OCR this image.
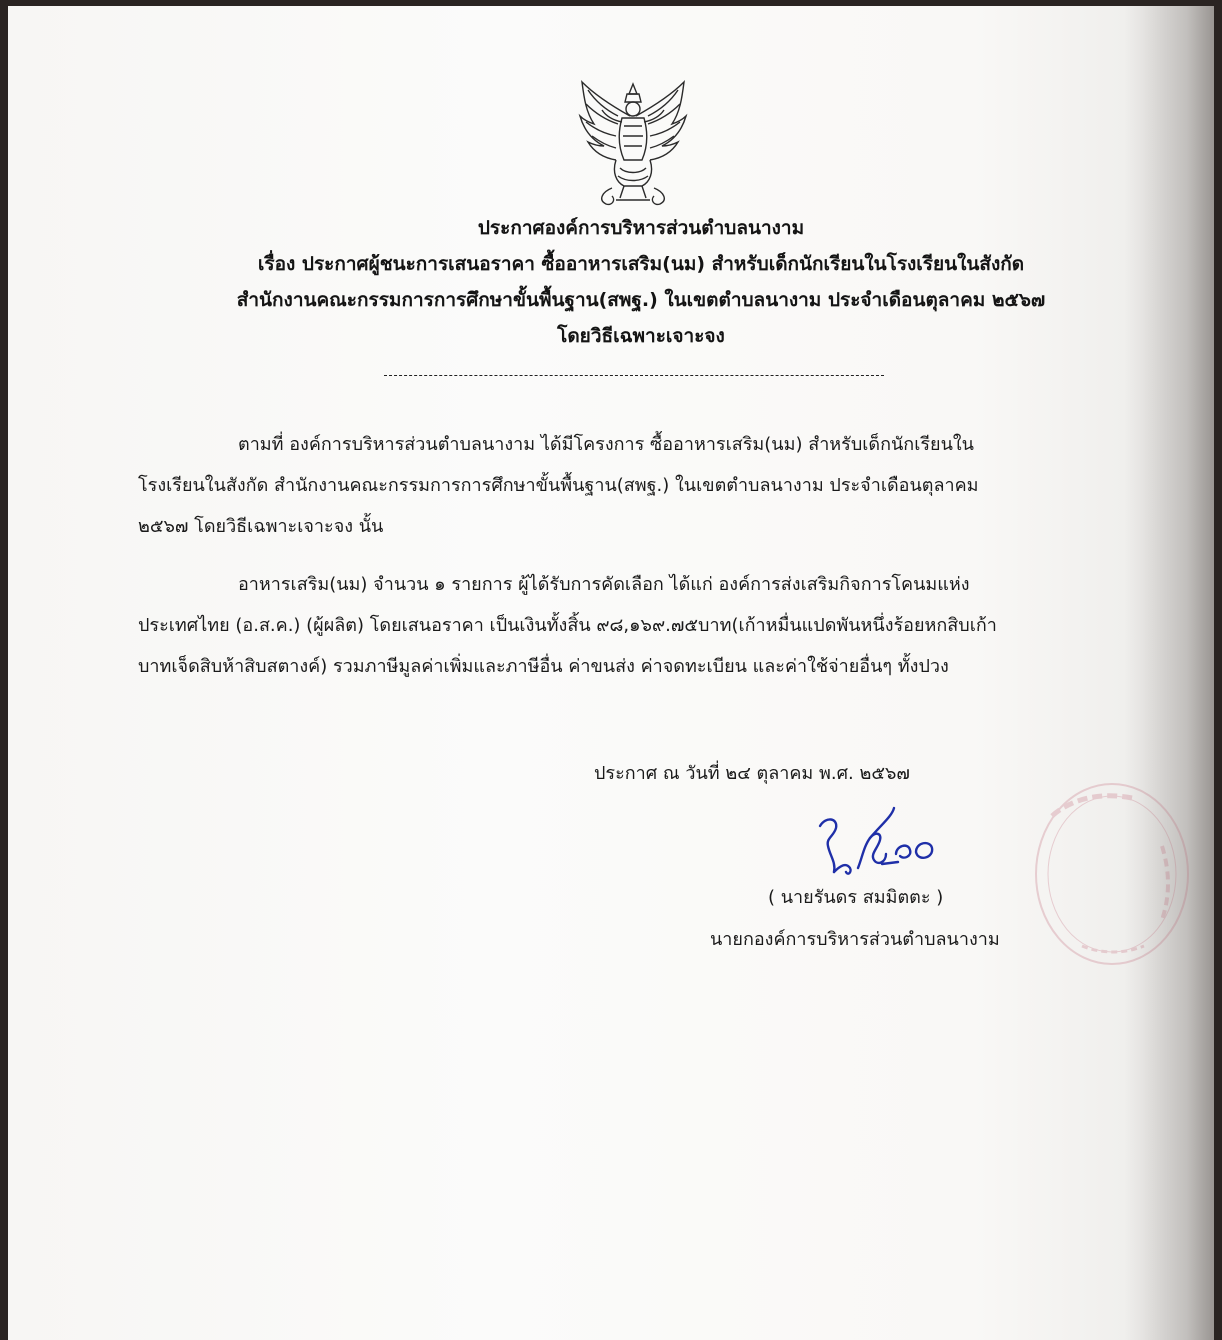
ประกาศองค์การบริหารส่วนตำบลนางาม
เรื่อง ประกาศผู้ชนะการเสนอราคา ซื้ออาหารเสริม(นม) สำหรับเด็กนักเรียนในโรงเรียนในสังกัด
สำนักงานคณะกรรมการการศึกษาขั้นพื้นฐาน(สพฐ.) ในเขตตำบลนางาม ประจำเดือนตุลาคม ๒๕๖๗
โดยวิธีเฉพาะเจาะจง
ตามที่ องค์การบริหารส่วนตำบลนางาม ได้มีโครงการ ซื้ออาหารเสริม(นม) สำหรับเด็กนักเรียนใน
โรงเรียนในสังกัด สำนักงานคณะกรรมการการศึกษาขั้นพื้นฐาน(สพฐ.) ในเขตตำบลนางาม ประจำเดือนตุลาคม
๒๕๖๗ โดยวิธีเฉพาะเจาะจง นั้น
อาหารเสริม(นม) จำนวน ๑ รายการ ผู้ได้รับการคัดเลือก ได้แก่ องค์การส่งเสริมกิจการโคนมแห่ง
ประเทศไทย (อ.ส.ค.) (ผู้ผลิต) โดยเสนอราคา เป็นเงินทั้งสิ้น ๙๘,๑๖๙.๗๕บาท(เก้าหมื่นแปดพันหนึ่งร้อยหกสิบเก้า
บาทเจ็ดสิบห้าสิบสตางค์) รวมภาษีมูลค่าเพิ่มและภาษีอื่น ค่าขนส่ง ค่าจดทะเบียน และค่าใช้จ่ายอื่นๆ ทั้งปวง
ประกาศ ณ วันที่ ๒๔ ตุลาคม พ.ศ. ๒๕๖๗
( นายรันดร สมมิตตะ )
นายกองค์การบริหารส่วนตำบลนางาม
